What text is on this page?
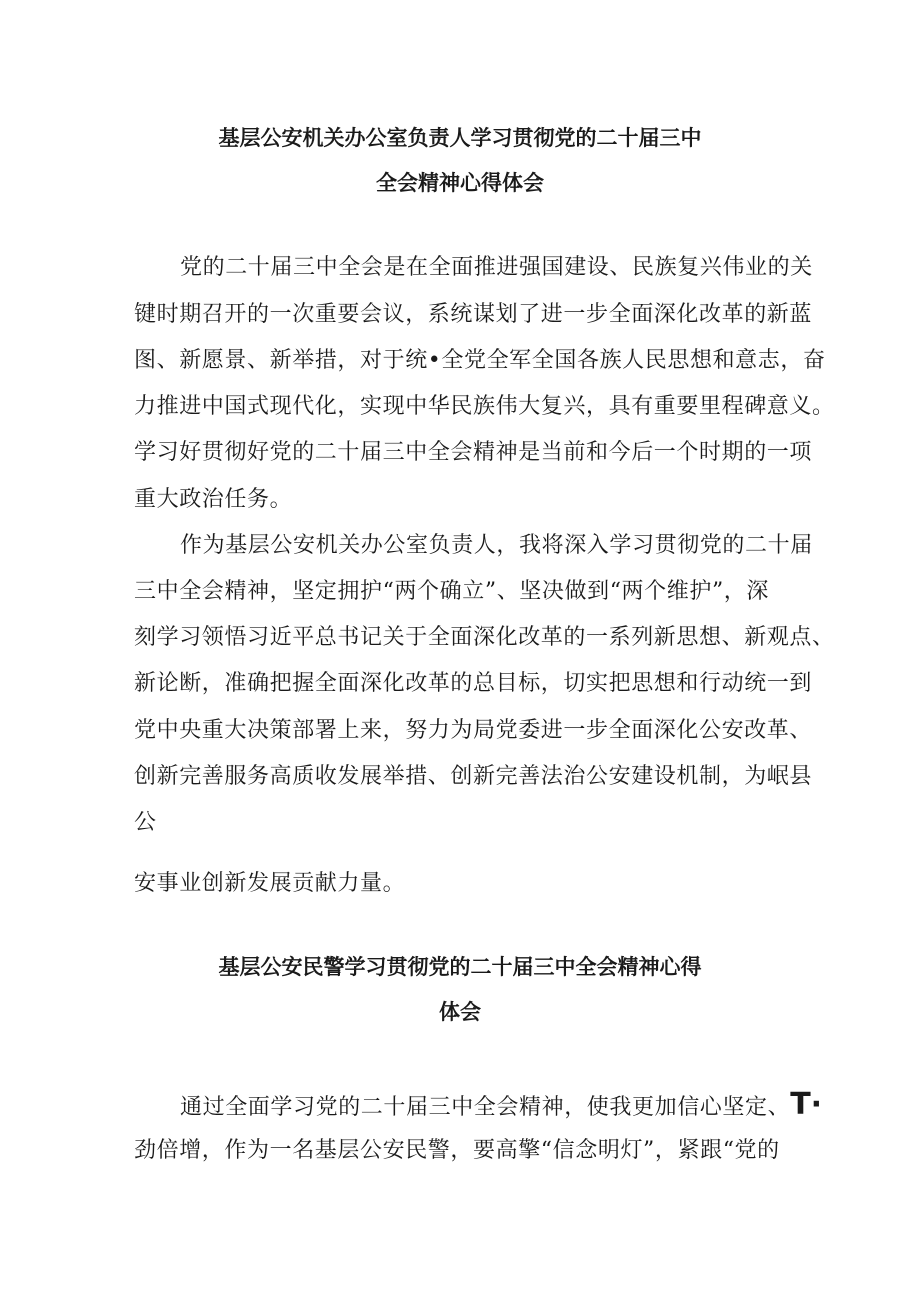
基层公安机关办公室负责人学习贯彻党的二十届三中
全会精神心得体会
党的二十届三中全会是在全面推进强国建设、民族复兴伟业的关
键时期召开的一次重要会议，系统谋划了进一步全面深化改革的新蓝
图、新愿景、新举措，对于统•全党全军全国各族人民思想和意志，奋
力推进中国式现代化，实现中华民族伟大复兴，具有重要里程碑意义。
学习好贯彻好党的二十届三中全会精神是当前和今后一个时期的一项
重大政治任务。
作为基层公安机关办公室负责人，我将深入学习贯彻党的二十届
三中全会精神，坚定拥护“两个确立”、坚决做到“两个维护”，深
刻学习领悟习近平总书记关于全面深化改革的一系列新思想、新观点、
新论断，准确把握全面深化改革的总目标，切实把思想和行动统一到
党中央重大决策部署上来，努力为局党委进一步全面深化公安改革、
创新完善服务高质收发展举措、创新完善法治公安建设机制，为岷县
公
安事业创新发展贡献力量。
基层公安民警学习贯彻党的二十届三中全会精神心得
体会
通过全面学习党的二十届三中全会精神，使我更加信心坚定、T·
劲倍增，作为一名基层公安民警，要高擎“信念明灯”，紧跟“党的
